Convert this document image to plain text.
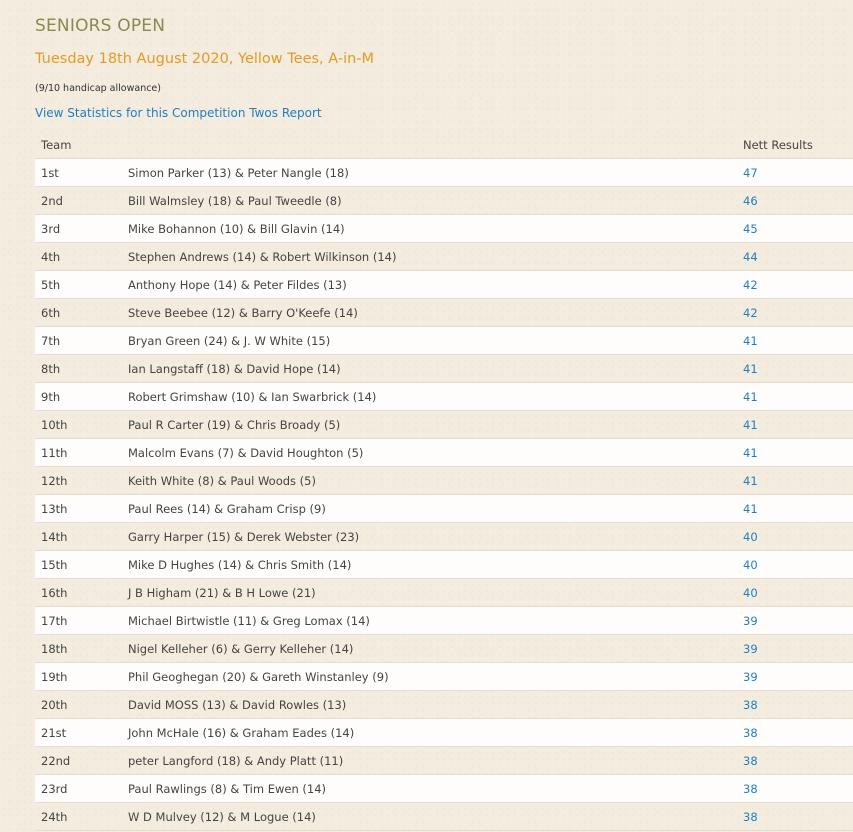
SENIORS OPEN
Tuesday 18th August 2020, Yellow Tees, A-in-M
(9/10 handicap allowance)
View Statistics for this Competition Twos Report
Team	Nett Results
1st	Simon Parker (13) & Peter Nangle (18)	47
2nd	Bill Walmsley (18) & Paul Tweedle (8)	46
3rd	Mike Bohannon (10) & Bill Glavin (14)	45
4th	Stephen Andrews (14) & Robert Wilkinson (14)	44
5th	Anthony Hope (14) & Peter Fildes (13)	42
6th	Steve Beebee (12) & Barry O'Keefe (14)	42
7th	Bryan Green (24) & J. W White (15)	41
8th	Ian Langstaff (18) & David Hope (14)	41
9th	Robert Grimshaw (10) & Ian Swarbrick (14)	41
10th	Paul R Carter (19) & Chris Broady (5)	41
11th	Malcolm Evans (7) & David Houghton (5)	41
12th	Keith White (8) & Paul Woods (5)	41
13th	Paul Rees (14) & Graham Crisp (9)	41
14th	Garry Harper (15) & Derek Webster (23)	40
15th	Mike D Hughes (14) & Chris Smith (14)	40
16th	J B Higham (21) & B H Lowe (21)	40
17th	Michael Birtwistle (11) & Greg Lomax (14)	39
18th	Nigel Kelleher (6) & Gerry Kelleher (14)	39
19th	Phil Geoghegan (20) & Gareth Winstanley (9)	39
20th	David MOSS (13) & David Rowles (13)	38
21st	John McHale (16) & Graham Eades (14)	38
22nd	peter Langford (18) & Andy Platt (11)	38
23rd	Paul Rawlings (8) & Tim Ewen (14)	38
24th	W D Mulvey (12) & M Logue (14)	38
